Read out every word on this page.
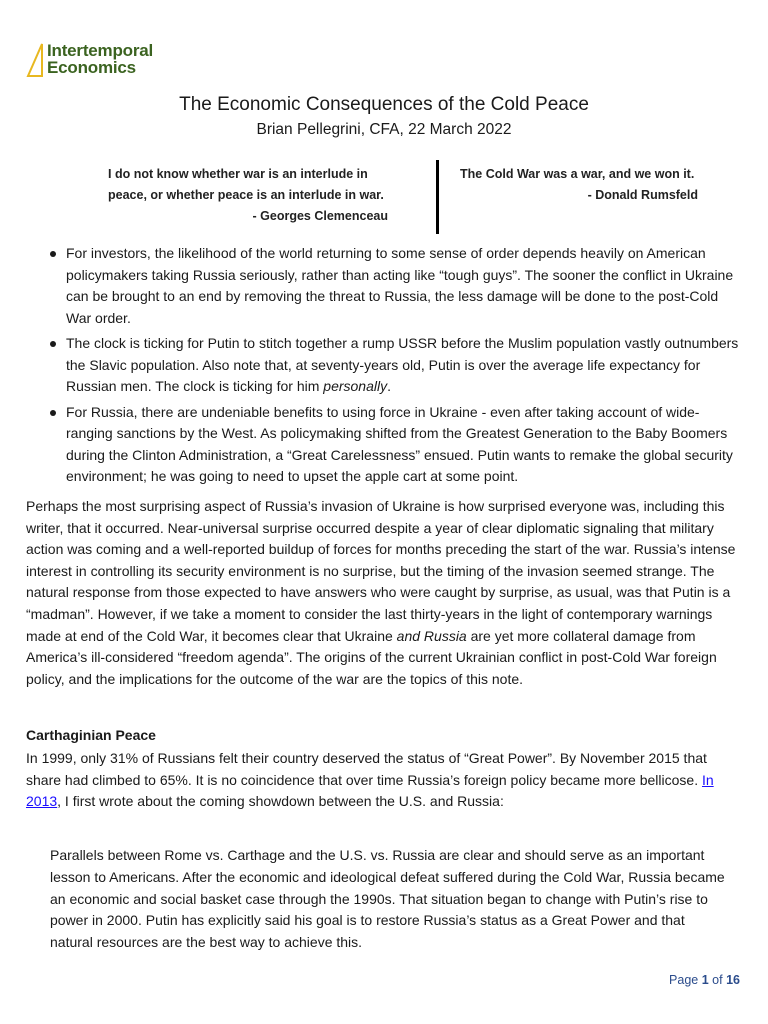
Intertemporal
Economics
The Economic Consequences of the Cold Peace
Brian Pellegrini, CFA, 22 March 2022
I do not know whether war is an interlude in
peace, or whether peace is an interlude in war.
- Georges Clemenceau
The Cold War was a war, and we won it.
- Donald Rumsfeld
For investors, the likelihood of the world returning to some sense of order depends heavily on American policymakers taking Russia seriously, rather than acting like “tough guys”. The sooner the conflict in Ukraine can be brought to an end by removing the threat to Russia, the less damage will be done to the post-Cold War order.
The clock is ticking for Putin to stitch together a rump USSR before the Muslim population vastly outnumbers the Slavic population. Also note that, at seventy-years old, Putin is over the average life expectancy for Russian men. The clock is ticking for him personally.
For Russia, there are undeniable benefits to using force in Ukraine - even after taking account of wide-ranging sanctions by the West. As policymaking shifted from the Greatest Generation to the Baby Boomers during the Clinton Administration, a “Great Carelessness” ensued. Putin wants to remake the global security environment; he was going to need to upset the apple cart at some point.

Perhaps the most surprising aspect of Russia’s invasion of Ukraine is how surprised everyone was, including this writer, that it occurred. Near-universal surprise occurred despite a year of clear diplomatic signaling that military action was coming and a well-reported buildup of forces for months preceding the start of the war. Russia’s intense interest in controlling its security environment is no surprise, but the timing of the invasion seemed strange. The natural response from those expected to have answers who were caught by surprise, as usual, was that Putin is a “madman”. However, if we take a moment to consider the last thirty-years in the light of contemporary warnings made at end of the Cold War, it becomes clear that Ukraine and Russia are yet more collateral damage from America’s ill-considered “freedom agenda”. The origins of the current Ukrainian conflict in post-Cold War foreign policy, and the implications for the outcome of the war are the topics of this note.

Carthaginian Peace

In 1999, only 31% of Russians felt their country deserved the status of “Great Power”. By November 2015 that share had climbed to 65%. It is no coincidence that over time Russia’s foreign policy became more bellicose. In 2013, I first wrote about the coming showdown between the U.S. and Russia:

Parallels between Rome vs. Carthage and the U.S. vs. Russia are clear and should serve as an important lesson to Americans. After the economic and ideological defeat suffered during the Cold War, Russia became an economic and social basket case through the 1990s. That situation began to change with Putin’s rise to power in 2000. Putin has explicitly said his goal is to restore Russia’s status as a Great Power and that natural resources are the best way to achieve this.

Page 1 of 16
